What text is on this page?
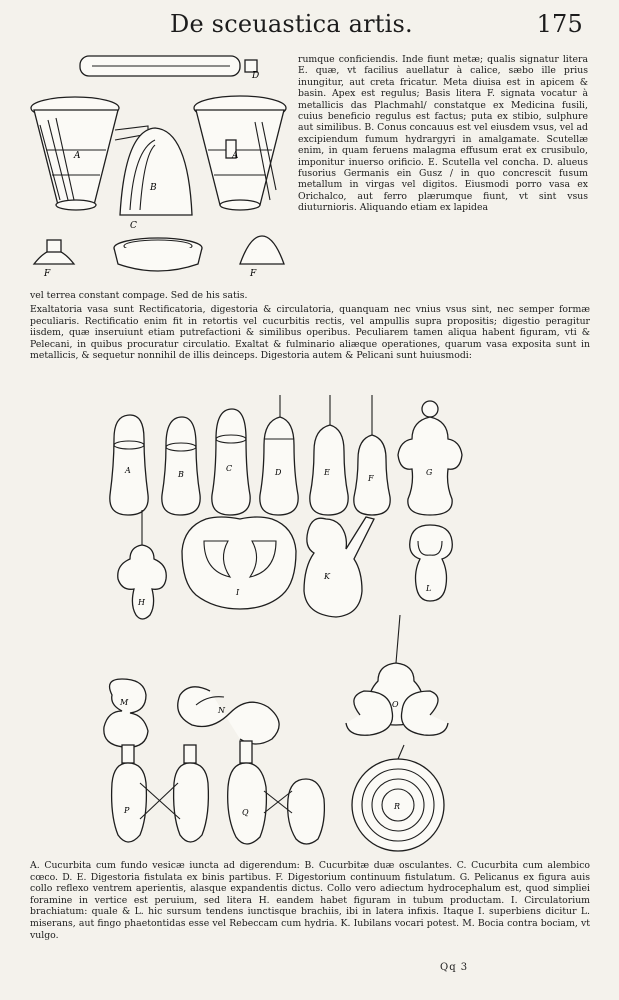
De sceuastica artis.	175
A
B
A
C
D
F	F

rumque conficiendis. Inde fiunt metæ; qualis signatur litera E. quæ, vt facilius auellatur à calice, sæbo ille prius inungitur, aut creta fricatur. Meta diuisa est in apicem & basin. Apex est regulus; Basis litera F. signata vocatur à metallicis das Plachmahl/ constatque ex Medicina fusili, cuius beneficio regulus est factus; puta ex stibio, sulphure aut similibus. B. Conus concauus est vel eiusdem vsus, vel ad excipiendum fumum hydrargyri in amalgamate. Scutellæ enim, in quam feruens malagma effusum erat ex crusibulo, imponitur inuerso orificio. E. Scutella vel concha. D. alueus fusorius Germanis ein Gusz / in quo concrescit fusum metallum in virgas vel digitos. Eiusmodi porro vasa ex Orichalco, aut ferro plærumque fiunt, vt sint vsus diuturnioris. Aliquando etiam ex lapidea

vel terrea constant compage. Sed de his satis.

Exaltatoria vasa sunt Rectificatoria, digestoria & circulatoria, quanquam nec vnius vsus sint, nec semper formæ peculiaris. Rectificatio enim fit in retortis vel cucurbitis rectis, vel ampullis supra propositis; digestio peragitur iisdem, quæ inseruiunt etiam putrefactioni & similibus operibus. Peculiarem tamen aliqua habent figuram, vti & Pelecani, in quibus procuratur circulatio. Exaltat & fulminario aliæque operationes, quarum vasa exposita sunt in metallicis, & sequetur nonnihil de illis deinceps. Digestoria autem & Pelicani sunt huiusmodi:

A	B
C	D	E
F
G
H
I
K
L
M
N
O
P	Q
R

A. Cucurbita cum fundo vesicæ iuncta ad digerendum: B. Cucurbitæ duæ osculantes. C. Cucurbita cum alembico cœco. D. E. Digestoria fistulata ex binis partibus. F. Digestorium continuum fistulatum. G. Pelicanus ex figura auis collo reflexo ventrem aperientis, alasque expandentis dictus. Collo vero adiectum hydrocephalum est, quod simpliei foramine in vertice est peruium, sed litera H. eandem habet figuram in tubum productam. I. Circulatorium brachiatum: quale & L. hic sursum tendens iunctisque brachiis, ibi in latera infixis. Itaque I. superbiens dicitur L. miserans, aut fingo phaetontidas esse vel Rebeccam cum hydria. K. Iubilans vocari potest. M. Bocia contra bociam, vt vulgo.

Qq 3
